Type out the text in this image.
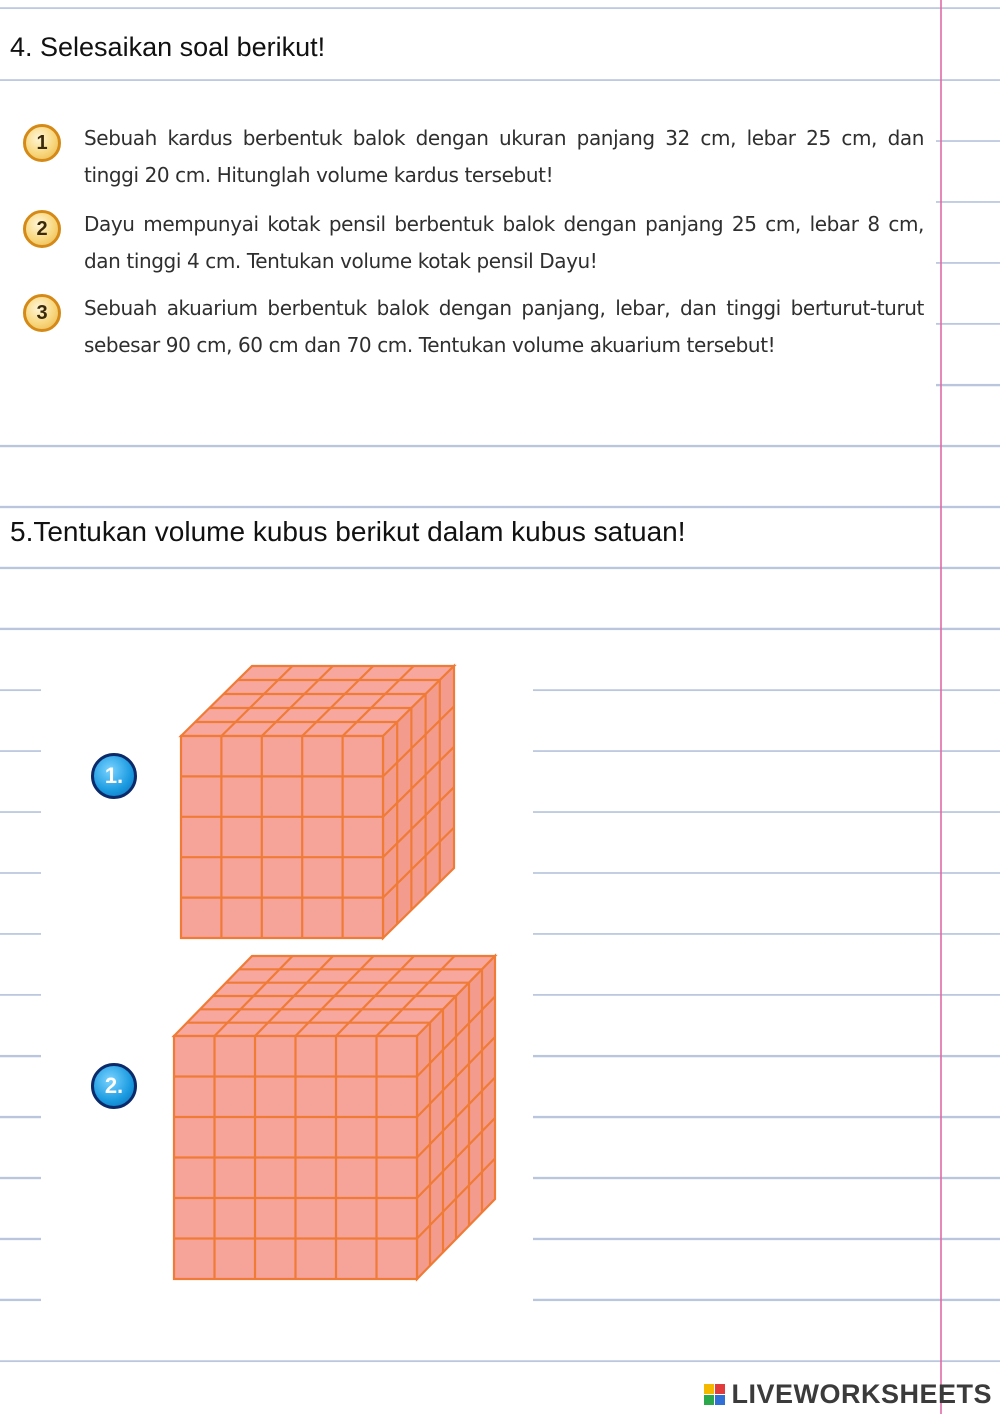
4. Selesaikan soal berikut!
1	Sebuah kardus berbentuk balok dengan ukuran panjang 32 cm, lebar 25 cm, dan tinggi 20 cm. Hitunglah volume kardus tersebut!

2	Dayu mempunyai kotak pensil berbentuk balok dengan panjang 25 cm, lebar 8 cm, dan tinggi 4 cm. Tentukan volume kotak pensil Dayu!

3	Sebuah akuarium berbentuk balok dengan panjang, lebar, dan tinggi berturut-turut sebesar 90 cm, 60 cm dan 70 cm. Tentukan volume akuarium tersebut!

5.Tentukan volume kubus berikut dalam kubus satuan!
1.
2.
LIVEWORKSHEETS
